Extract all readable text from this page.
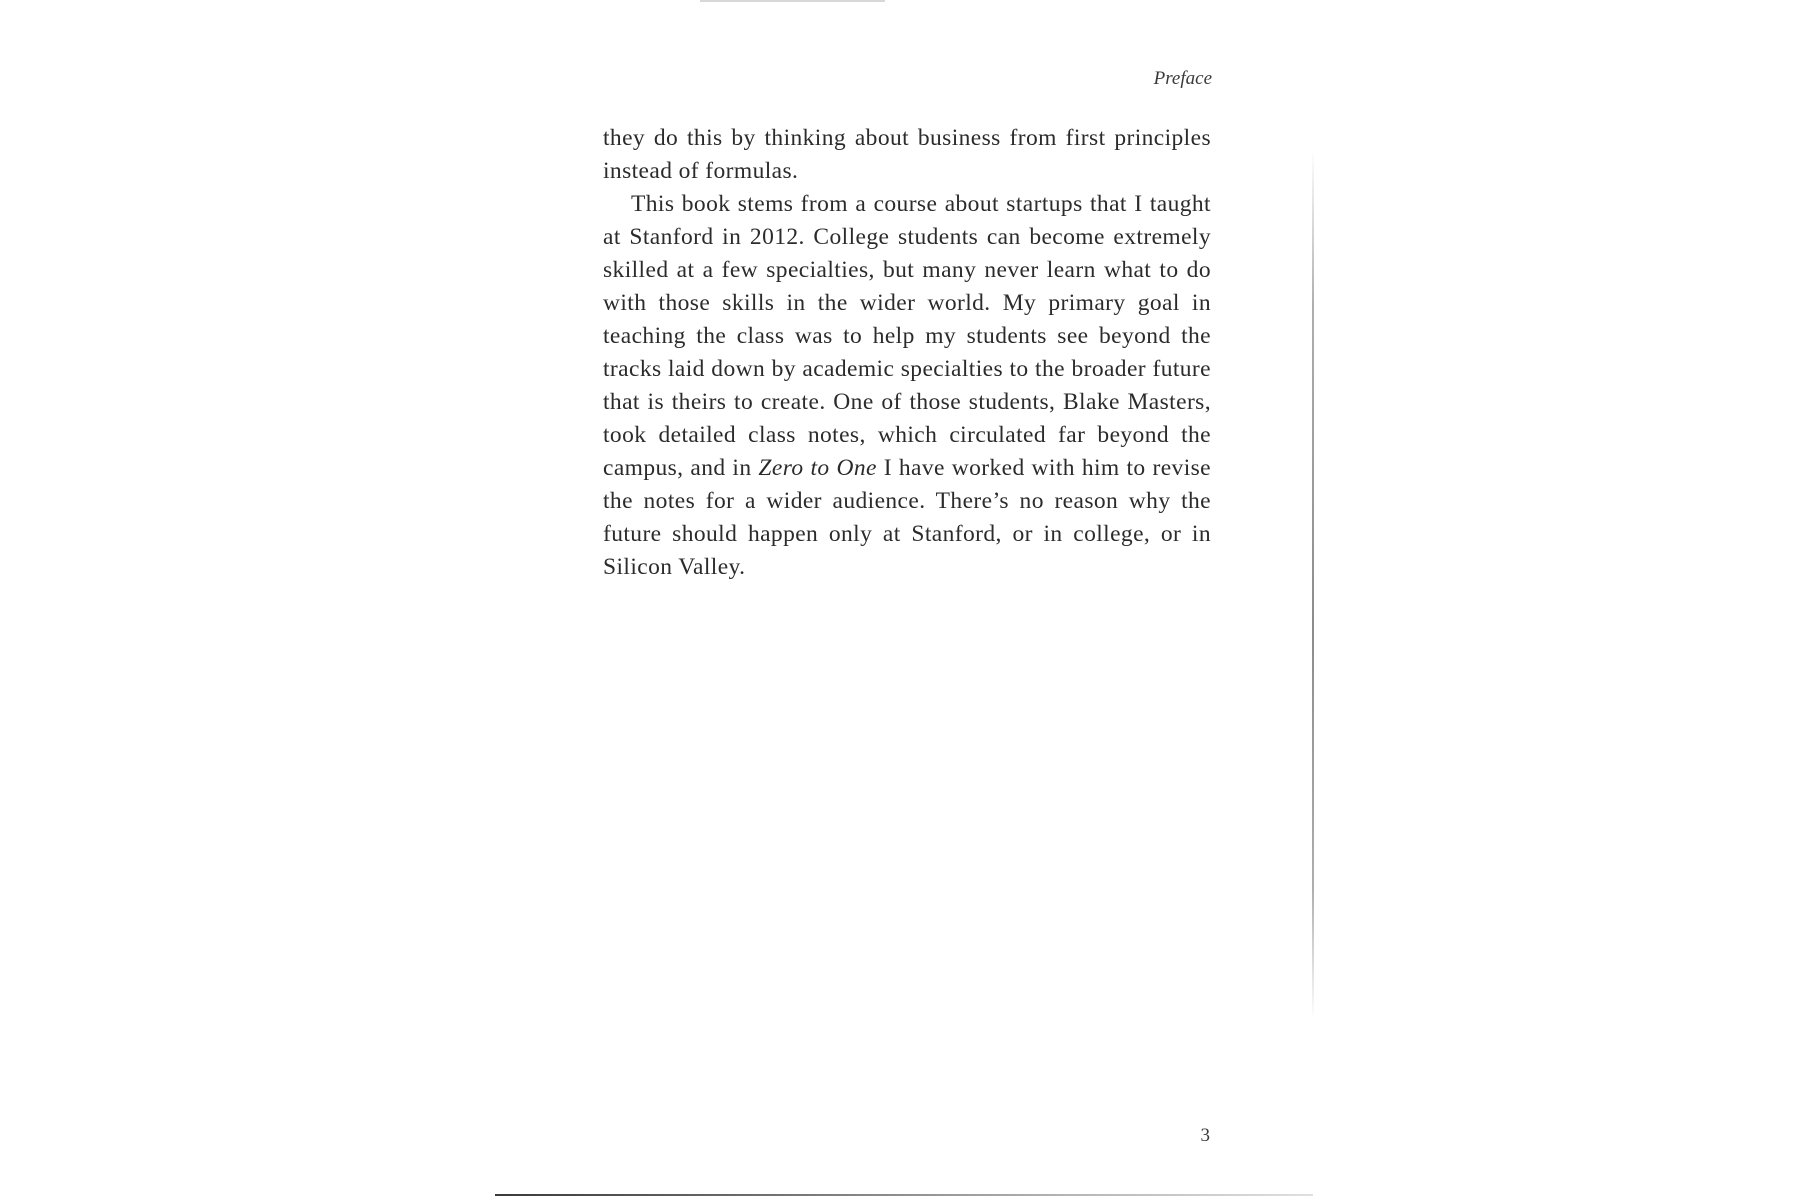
Preface

they do this by thinking about business from first principles instead of formulas.

This book stems from a course about startups that I taught at Stanford in 2012. College students can become extremely skilled at a few specialties, but many never learn what to do with those skills in the wider world. My primary goal in teaching the class was to help my students see beyond the tracks laid down by academic specialties to the broader future that is theirs to create. One of those students, Blake Masters, took detailed class notes, which circulated far beyond the campus, and in Zero to One I have worked with him to revise the notes for a wider audience. There’s no reason why the future should happen only at Stanford, or in college, or in Silicon Valley.

3
